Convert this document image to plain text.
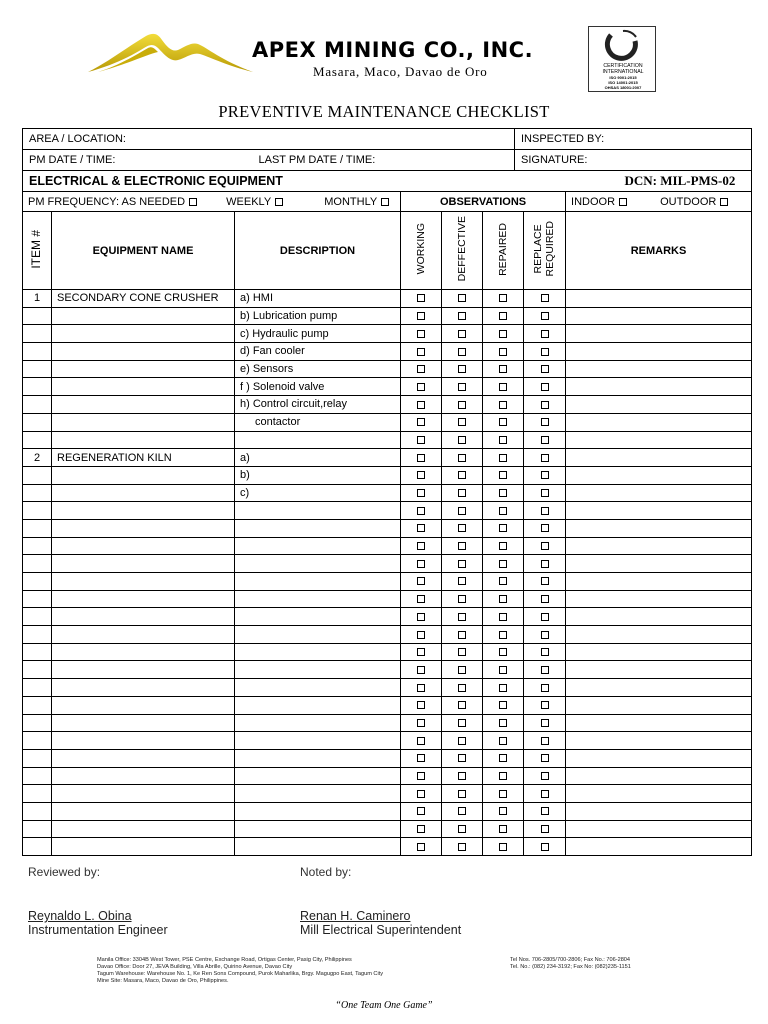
APEX MINING CO., INC.
Masara, Maco, Davao de Oro	CERTIFICATION
INTERNATIONAL
ISO 9001:2015
ISO 14001:2015
OHSAS 18001:2007
PREVENTIVE MAINTENANCE CHECKLIST
AREA / LOCATION:		INSPECTED BY:
PM DATE / TIME:	LAST PM DATE / TIME:	SIGNATURE:
ELECTRICAL & ELECTRONIC EQUIPMENT		DCN: MIL-PMS-02
PM FREQUENCY: AS NEEDED WEEKLY MONTHLY			OBSERVATIONS				INDOOR OUTDOOR
ITEM #	EQUIPMENT NAME	DESCRIPTION	WORKING	DEFFECTIVE	REPAIRED	REPLACE
REQUIRED	REMARKS
1	SECONDARY CONE CRUSHER	a) HMI					
		b) Lubrication pump					
		c) Hydraulic pump					
		d) Fan cooler					
		e) Sensors					
		f ) Solenoid valve					
		h) Control circuit,relay					
		contactor					

2	REGENERATION KILN	a)					
		b)					
		c)					

Reviewed by:	Noted by:
Reynaldo L. Obina
Instrumentation Engineer
Renan H. Caminero
Mill Electrical Superintendent
Manila Office: 3304B West Tower, PSE Centre, Exchange Road, Ortigas Center, Pasig City, Philippines
Davao Office: Door 27, JEVA Building, Villa Abrille, Quirino Avenue, Davao City
Tagum Warehouse: Warehouse No. 1, Ke Ren Sons Compound, Purok Maharlika, Brgy. Magugpo East, Tagum City
Mine Site: Masara, Maco, Davao de Oro, Philippines.
Tel Nos. 706-2805/700-2806; Fax No.: 706-2804
Tel. No.: (082) 234-3192; Fax No: (082)235-1151
“One Team One Game”
